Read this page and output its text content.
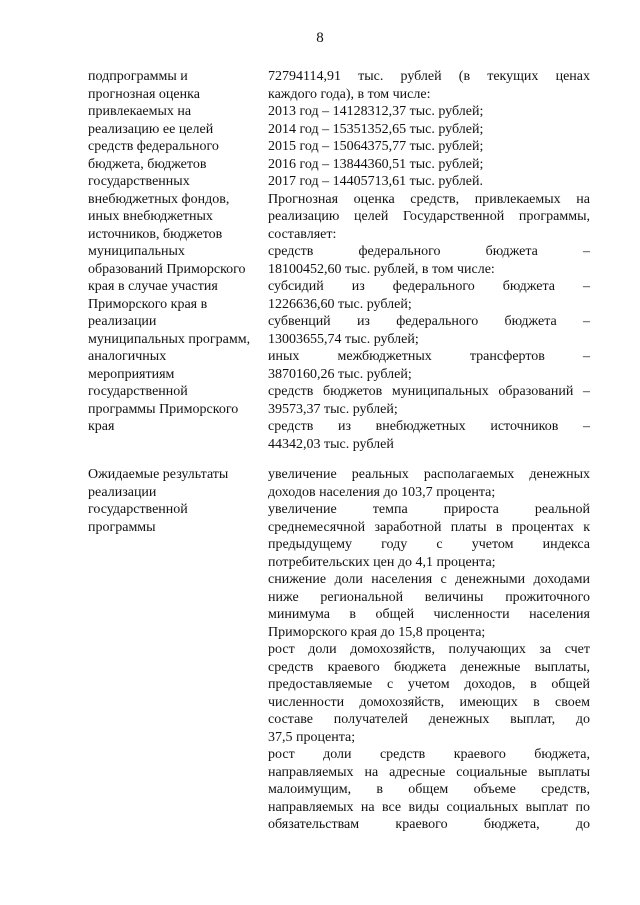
8
подпрограммы и
прогнозная оценка
привлекаемых на
реализацию ее целей
средств федерального
бюджета, бюджетов
государственных
внебюджетных фондов,
иных внебюджетных
источников, бюджетов
муниципальных
образований Приморского
края в случае участия
Приморского края в
реализации
муниципальных программ,
аналогичных
мероприятиям
государственной
программы Приморского
края
72794114,91 тыс. рублей (в текущих ценах
каждого года), в том числе:
2013 год – 14128312,37 тыс. рублей;
2014 год – 15351352,65 тыс. рублей;
2015 год – 15064375,77 тыс. рублей;
2016 год – 13844360,51 тыс. рублей;
2017 год – 14405713,61 тыс. рублей.
Прогнозная оценка средств, привлекаемых на
реализацию целей Государственной программы,
составляет:
средств федерального бюджета –
18100452,60 тыс. рублей, в том числе:
субсидий из федерального бюджета –
1226636,60 тыс. рублей;
субвенций из федерального бюджета –
13003655,74 тыс. рублей;
иных межбюджетных трансфертов –
3870160,26 тыс. рублей;
средств бюджетов муниципальных образований –
39573,37 тыс. рублей;
средств из внебюджетных источников –
44342,03 тыс. рублей
Ожидаемые результаты
реализации
государственной
программы
увеличение реальных располагаемых денежных
доходов населения до 103,7 процента;
увеличение темпа прироста реальной
среднемесячной заработной платы в процентах к
предыдущему году с учетом индекса
потребительских цен до 4,1 процента;
снижение доли населения с денежными доходами
ниже региональной величины прожиточного
минимума в общей численности населения
Приморского края до 15,8 процента;
рост доли домохозяйств, получающих за счет
средств краевого бюджета денежные выплаты,
предоставляемые с учетом доходов, в общей
численности домохозяйств, имеющих в своем
составе получателей денежных выплат, до
37,5 процента;
рост доли средств краевого бюджета,
направляемых на адресные социальные выплаты
малоимущим, в общем объеме средств,
направляемых на все виды социальных выплат по
обязательствам краевого бюджета, до
